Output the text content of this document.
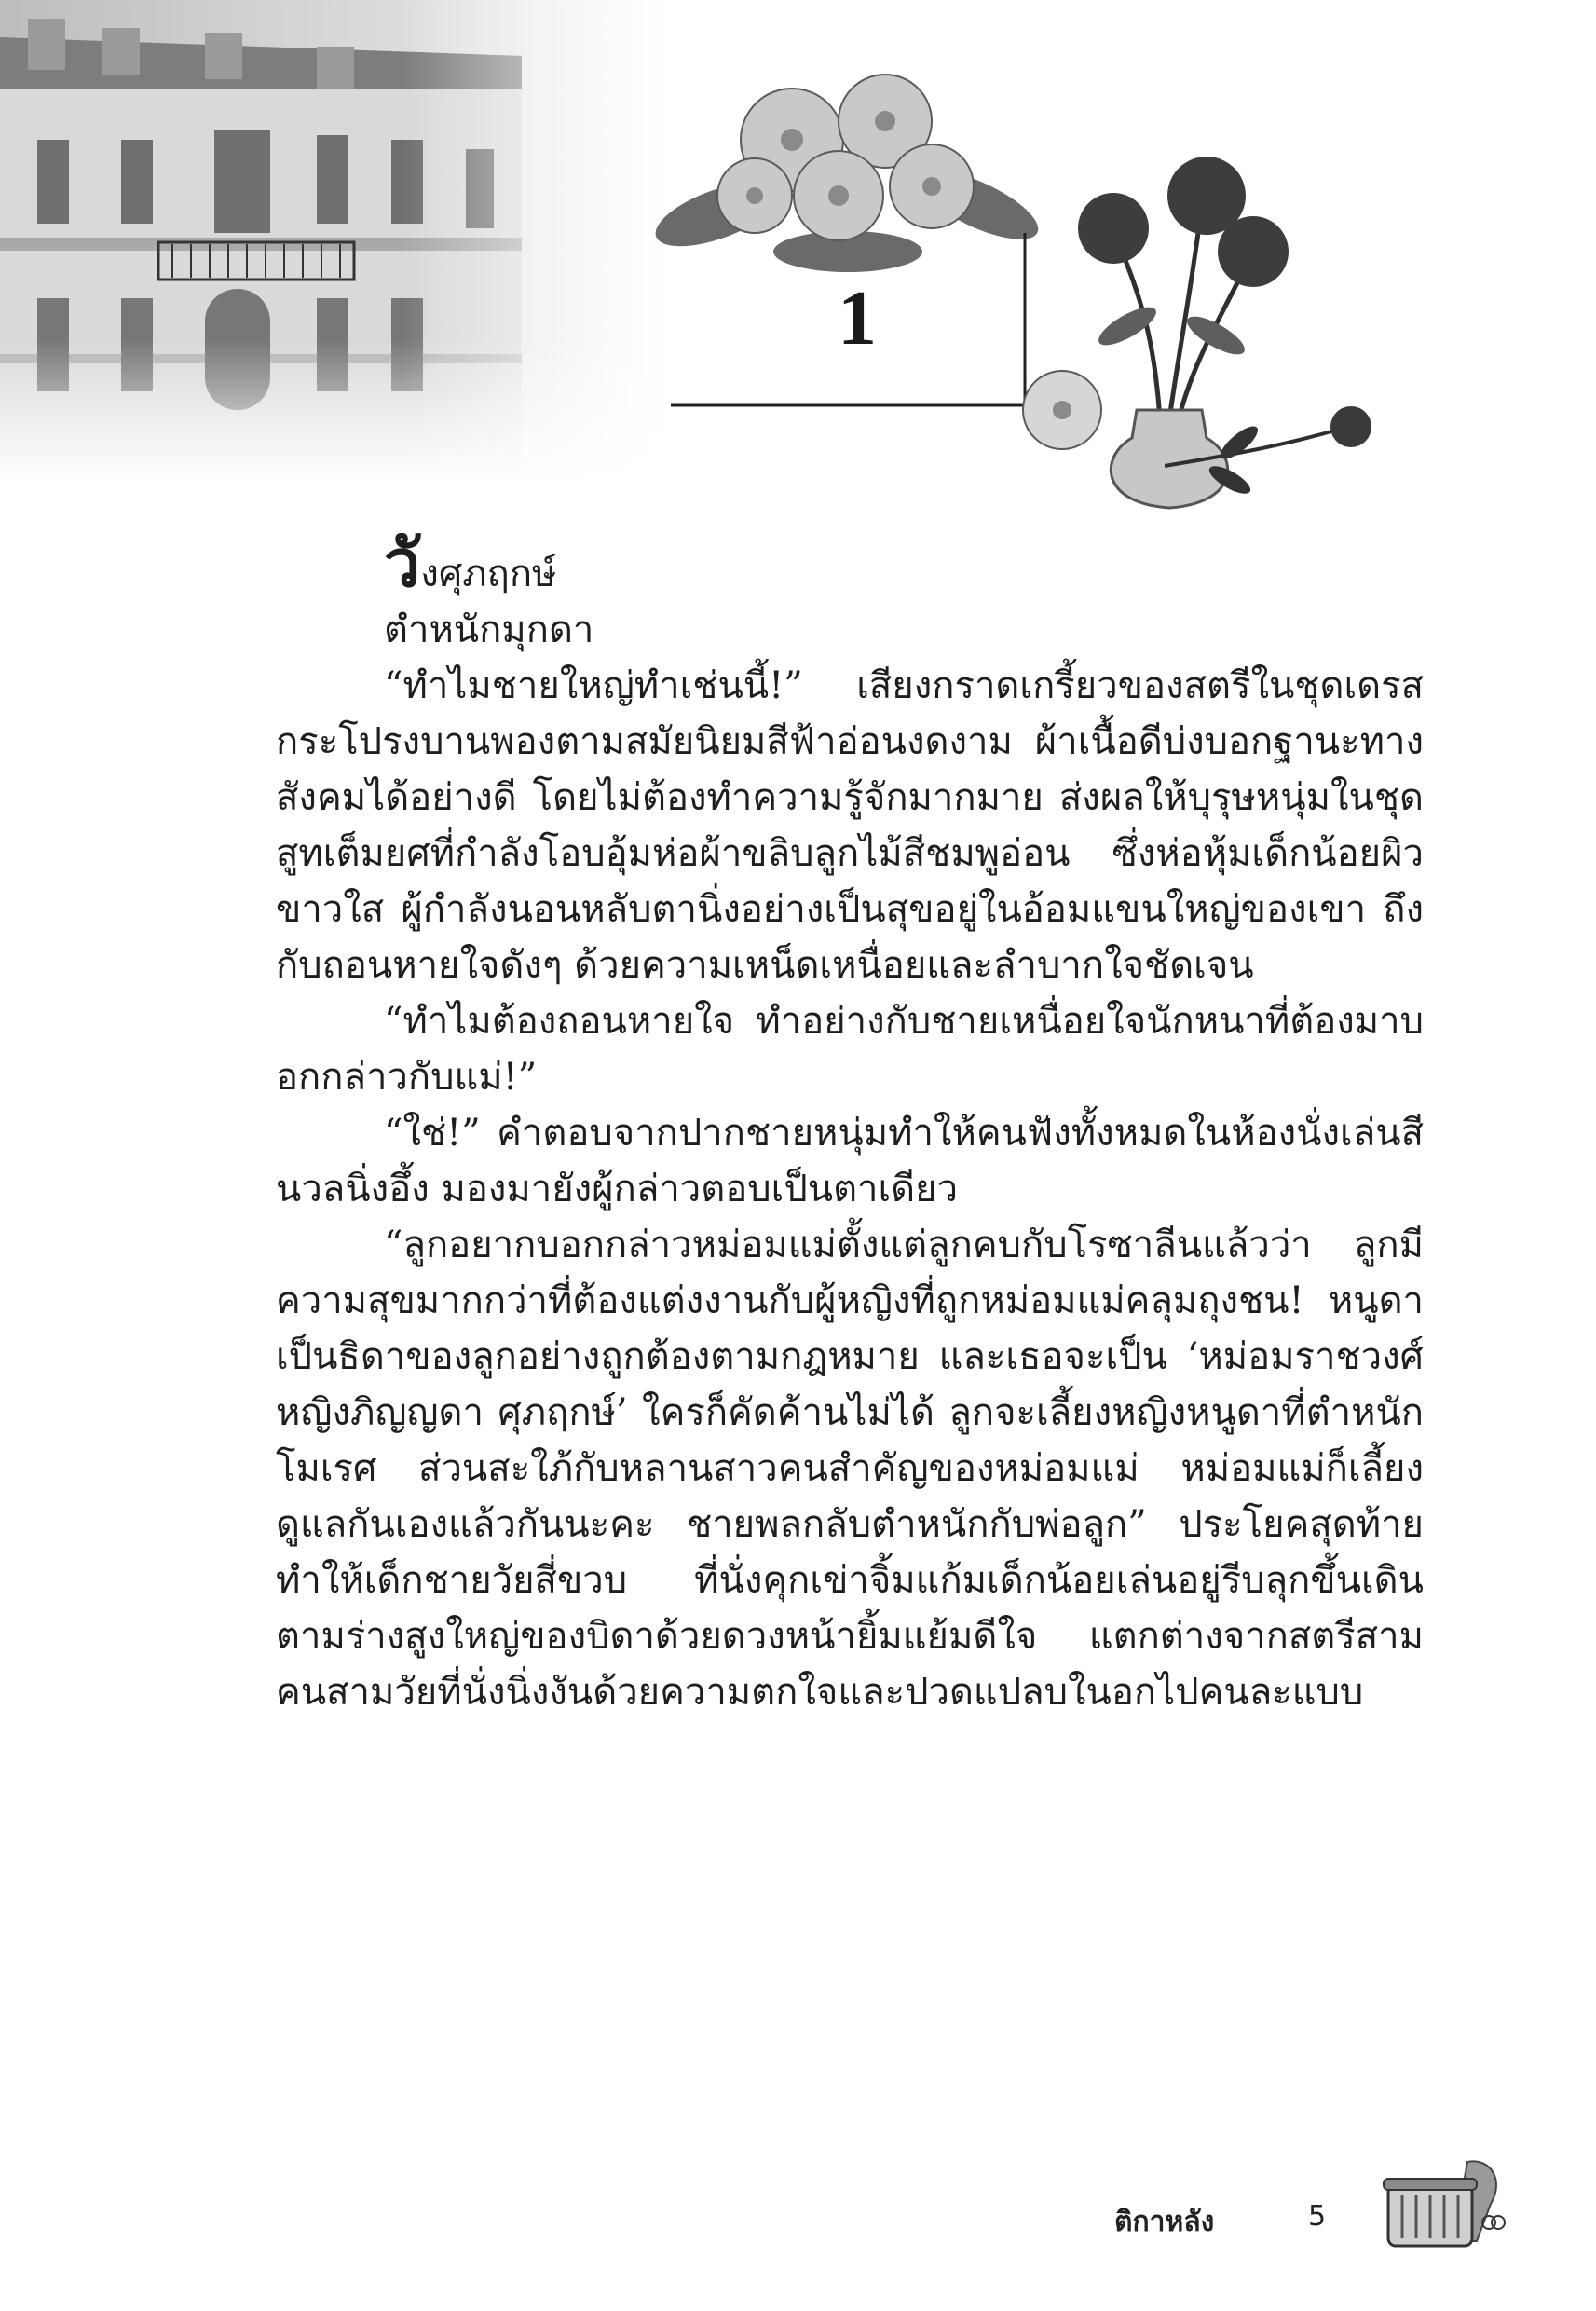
1

วังศุภฤกษ์

ตำหนักมุกดา

“ทำไมชายใหญ่ทำเช่นนี้!” เสียงกราดเกรี้ยวของสตรีในชุดเดรสกระโปรงบานพองตามสมัยนิยมสีฟ้าอ่อนงดงาม ผ้าเนื้อดีบ่งบอกฐานะทางสังคมได้อย่างดี โดยไม่ต้องทำความรู้จักมากมาย ส่งผลให้บุรุษหนุ่มในชุดสูทเต็มยศที่กำลังโอบอุ้มห่อผ้าขลิบลูกไม้สีชมพูอ่อน ซึ่งห่อหุ้มเด็กน้อยผิวขาวใส ผู้กำลังนอนหลับตานิ่งอย่างเป็นสุขอยู่ในอ้อมแขนใหญ่ของเขา ถึงกับถอนหายใจดังๆ ด้วยความเหน็ดเหนื่อยและลำบากใจชัดเจน

“ทำไมต้องถอนหายใจ ทำอย่างกับชายเหนื่อยใจนักหนาที่ต้องมาบอกกล่าวกับแม่!”

“ใช่!” คำตอบจากปากชายหนุ่มทำให้คนฟังทั้งหมดในห้องนั่งเล่นสีนวลนิ่งอึ้ง มองมายังผู้กล่าวตอบเป็นตาเดียว

“ลูกอยากบอกกล่าวหม่อมแม่ตั้งแต่ลูกคบกับโรซาลีนแล้วว่า ลูกมีความสุขมากกว่าที่ต้องแต่งงานกับผู้หญิงที่ถูกหม่อมแม่คลุมถุงชน! หนูดาเป็นธิดาของลูกอย่างถูกต้องตามกฎหมาย และเธอจะเป็น ‘หม่อมราชวงศ์หญิงภิญญดา ศุภฤกษ์’ ใครก็คัดค้านไม่ได้ ลูกจะเลี้ยงหญิงหนูดาที่ตำหนักโมเรศ ส่วนสะใภ้กับหลานสาวคนสำคัญของหม่อมแม่ หม่อมแม่ก็เลี้ยงดูแลกันเองแล้วกันนะคะ ชายพลกลับตำหนักกับพ่อลูก” ประโยคสุดท้ายทำให้เด็กชายวัยสี่ขวบ ที่นั่งคุกเข่าจิ้มแก้มเด็กน้อยเล่นอยู่รีบลุกขึ้นเดินตามร่างสูงใหญ่ของบิดาด้วยดวงหน้ายิ้มแย้มดีใจ แตกต่างจากสตรีสามคนสามวัยที่นั่งนิ่งงันด้วยความตกใจและปวดแปลบในอกไปคนละแบบ

ติกาหลัง	5
